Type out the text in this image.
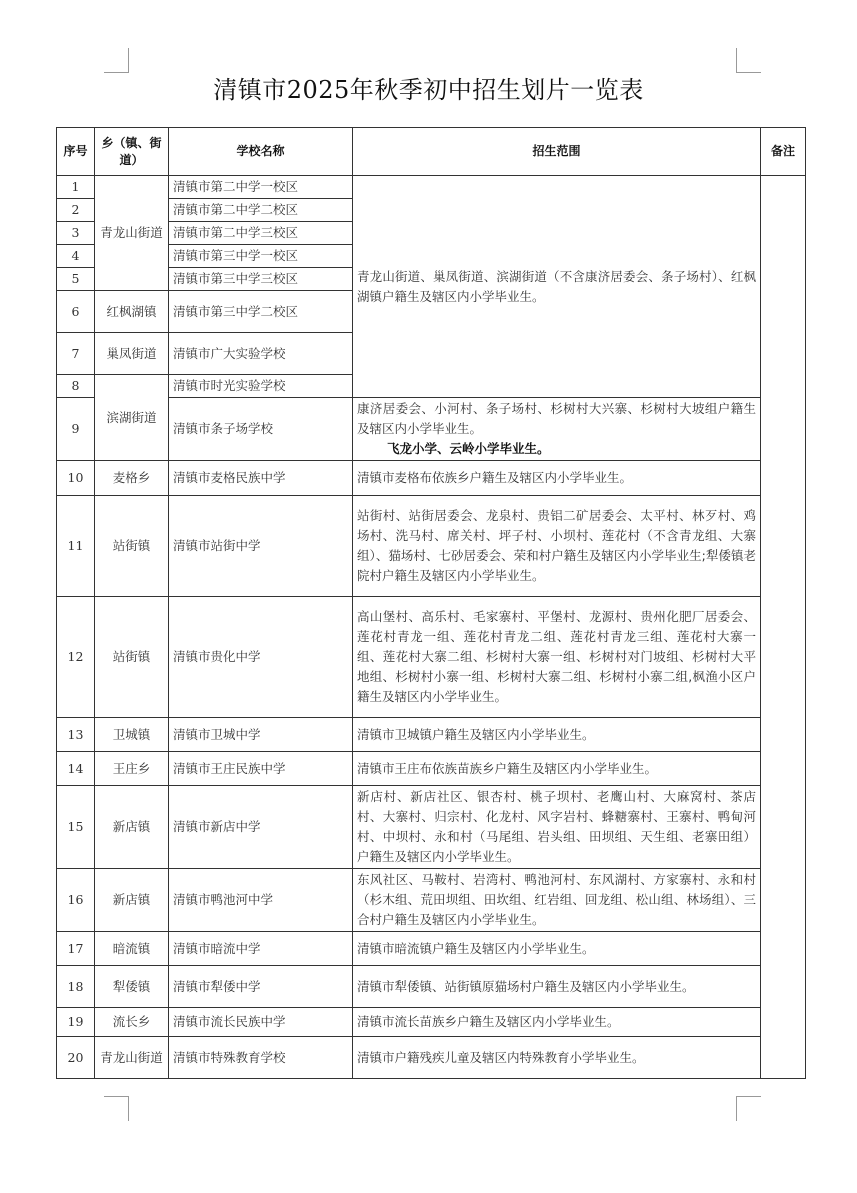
清镇市2025年秋季初中招生划片一览表
序号	乡（镇、街道）	学校名称	招生范围	备注
1	青龙山街道	清镇市第二中学一校区	青龙山街道、巢凤街道、滨湖街道（不含康济居委会、条子场村）、红枫湖镇户籍生及辖区内小学毕业生。	
2		清镇市第二中学二校区		
3		清镇市第二中学三校区		
4		清镇市第三中学一校区		
5		清镇市第三中学三校区		
6	红枫湖镇	清镇市第三中学二校区		
7	巢凤街道	清镇市广大实验学校		
8	滨湖街道	清镇市时光实验学校		
9		清镇市条子场学校	康济居委会、小河村、条子场村、杉树村大兴寨、杉树村大坡组户籍生及辖区内小学毕业生。
飞龙小学、云岭小学毕业生。	

10	麦格乡	清镇市麦格民族中学	清镇市麦格布依族乡户籍生及辖区内小学毕业生。	
11	站街镇	清镇市站街中学	站街村、站街居委会、龙泉村、贵铝二矿居委会、太平村、林歹村、鸡场村、洗马村、席关村、坪子村、小坝村、莲花村（不含青龙组、大寨组）、猫场村、七砂居委会、荣和村户籍生及辖区内小学毕业生;犁倭镇老院村户籍生及辖区内小学毕业生。	
12	站街镇	清镇市贵化中学	高山堡村、高乐村、毛家寨村、平堡村、龙源村、贵州化肥厂居委会、莲花村青龙一组、莲花村青龙二组、莲花村青龙三组、莲花村大寨一组、莲花村大寨二组、杉树村大寨一组、杉树村对门坡组、杉树村大平地组、杉树村小寨一组、杉树村大寨二组、杉树村小寨二组,枫渔小区户籍生及辖区内小学毕业生。	
13	卫城镇	清镇市卫城中学	清镇市卫城镇户籍生及辖区内小学毕业生。	
14	王庄乡	清镇市王庄民族中学	清镇市王庄布依族苗族乡户籍生及辖区内小学毕业生。	
15	新店镇	清镇市新店中学	新店村、新店社区、银杏村、桃子坝村、老鹰山村、大麻窝村、茶店村、大寨村、归宗村、化龙村、风字岩村、蜂糖寨村、王寨村、鸭甸河村、中坝村、永和村（马尾组、岩头组、田坝组、天生组、老寨田组）户籍生及辖区内小学毕业生。	
16	新店镇	清镇市鸭池河中学	东风社区、马鞍村、岩湾村、鸭池河村、东风湖村、方家寨村、永和村（杉木组、荒田坝组、田坎组、红岩组、回龙组、松山组、林场组）、三合村户籍生及辖区内小学毕业生。	
17	暗流镇	清镇市暗流中学	清镇市暗流镇户籍生及辖区内小学毕业生。	
18	犁倭镇	清镇市犁倭中学	清镇市犁倭镇、站街镇原猫场村户籍生及辖区内小学毕业生。	
19	流长乡	清镇市流长民族中学	清镇市流长苗族乡户籍生及辖区内小学毕业生。	
20	青龙山街道	清镇市特殊教育学校	清镇市户籍残疾儿童及辖区内特殊教育小学毕业生。	
